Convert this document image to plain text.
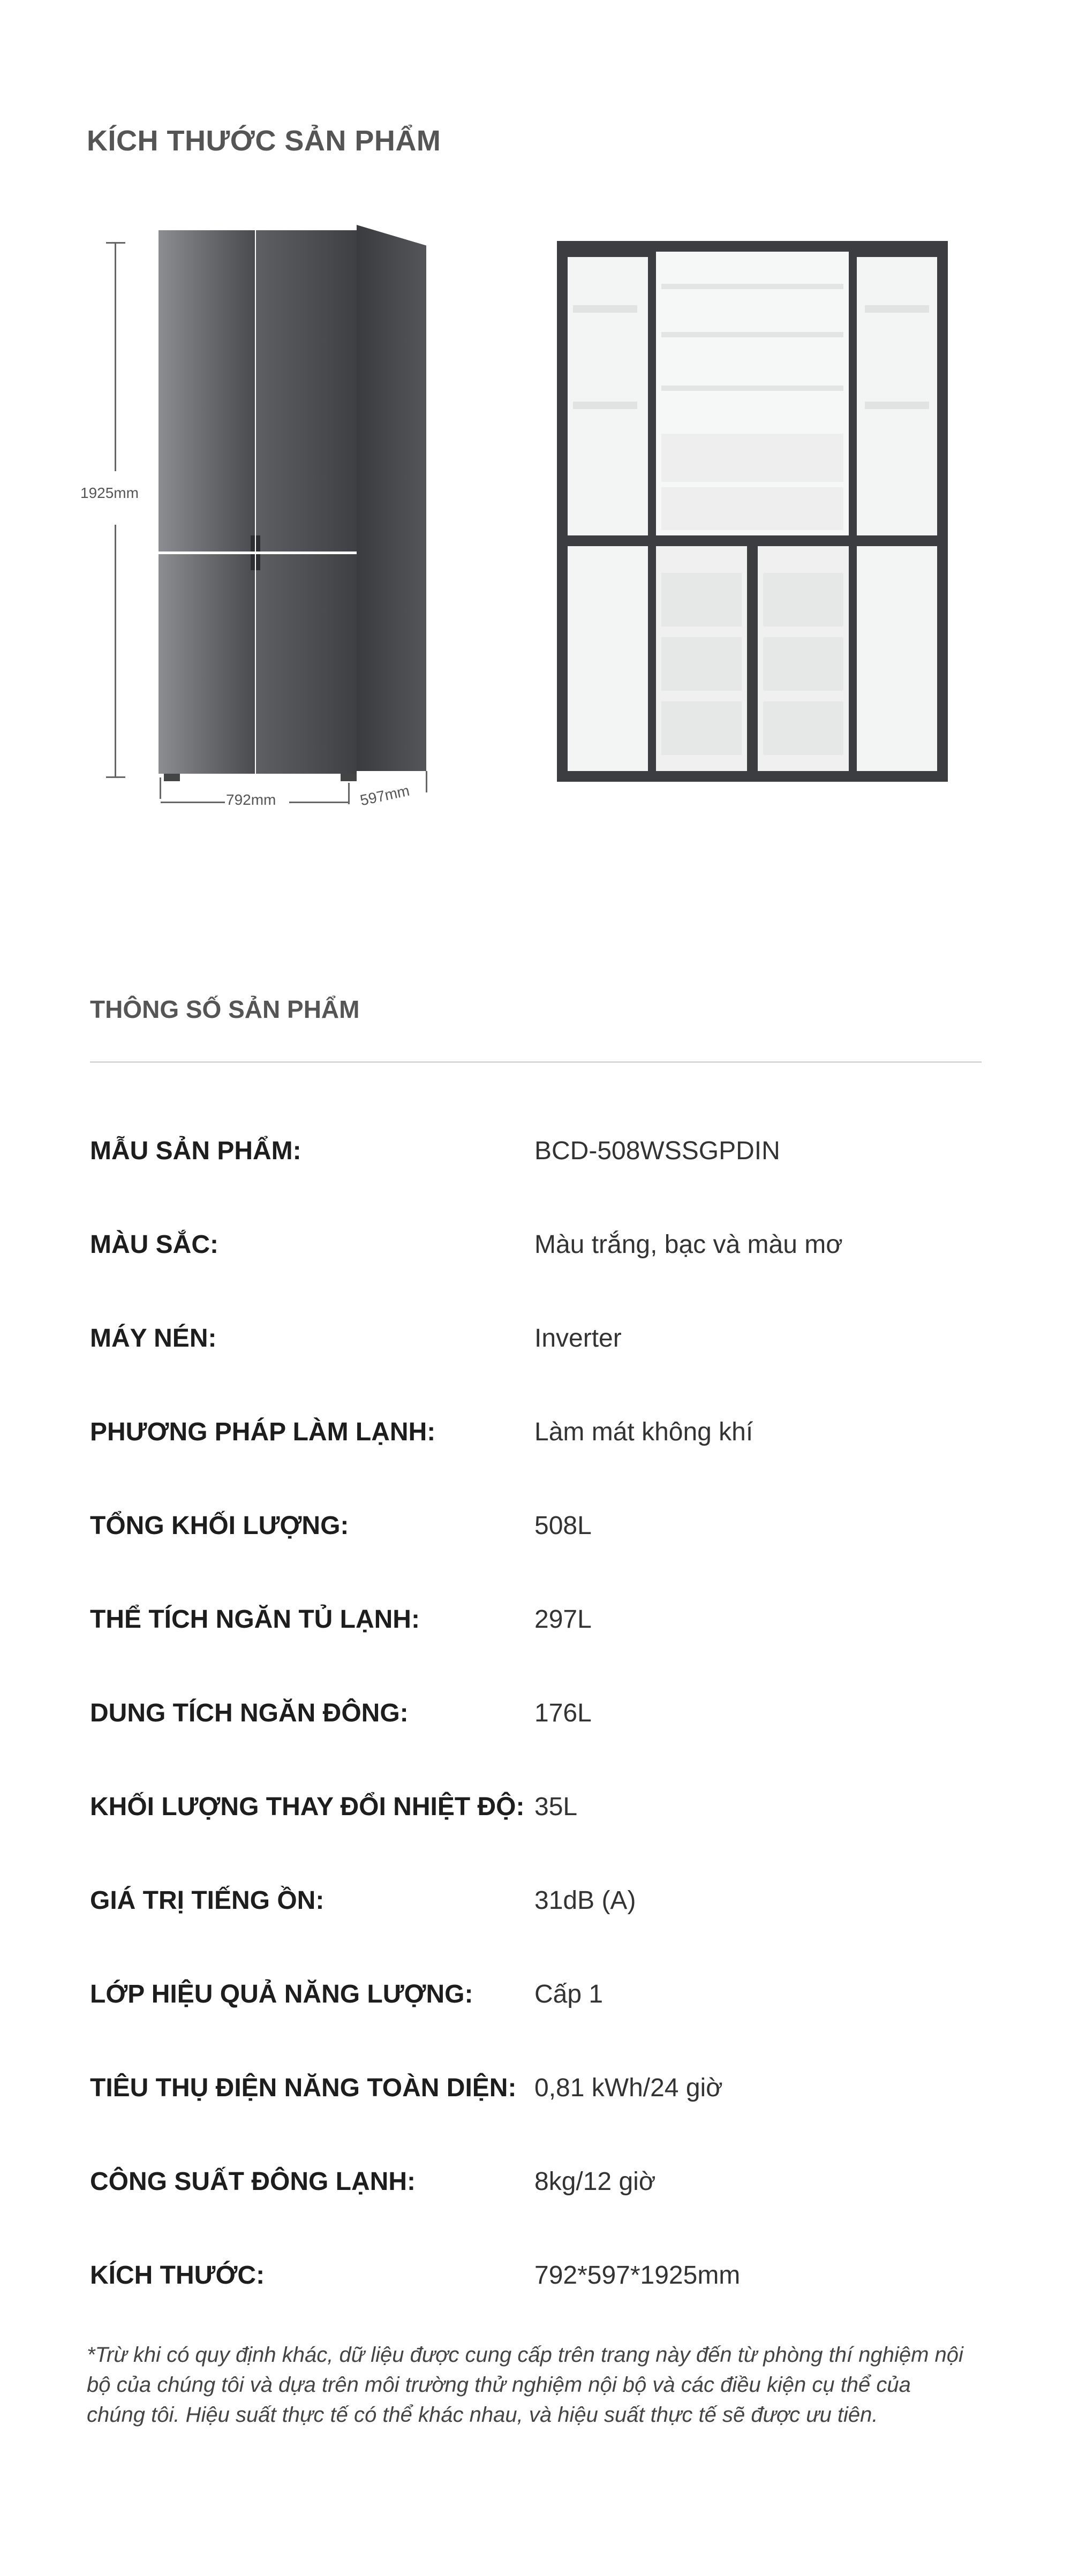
KÍCH THƯỚC SẢN PHẨM
1925mm
792mm	597mm
THÔNG SỐ SẢN PHẨM
MẪU SẢN PHẨM:	BCD-508WSSGPDIN
MÀU SẮC:	Màu trắng, bạc và màu mơ
MÁY NÉN:	Inverter
PHƯƠNG PHÁP LÀM LẠNH:	Làm mát không khí
TỔNG KHỐI LƯỢNG:	508L
THỂ TÍCH NGĂN TỦ LẠNH:	297L
DUNG TÍCH NGĂN ĐÔNG:	176L
KHỐI LƯỢNG THAY ĐỔI NHIỆT ĐỘ: 35L
GIÁ TRỊ TIẾNG ỒN:	31dB (A)
LỚP HIỆU QUẢ NĂNG LƯỢNG: Cấp 1
TIÊU THỤ ĐIỆN NĂNG TOÀN DIỆN: 0,81 kWh/24 giờ
CÔNG SUẤT ĐÔNG LẠNH:	8kg/12 giờ
KÍCH THƯỚC:	792*597*1925mm
*Trừ khi có quy định khác, dữ liệu được cung cấp trên trang này đến từ phòng thí nghiệm nội bộ của chúng tôi và dựa trên môi trường thử nghiệm nội bộ và các điều kiện cụ thể của chúng tôi. Hiệu suất thực tế có thể khác nhau, và hiệu suất thực tế sẽ được ưu tiên.
